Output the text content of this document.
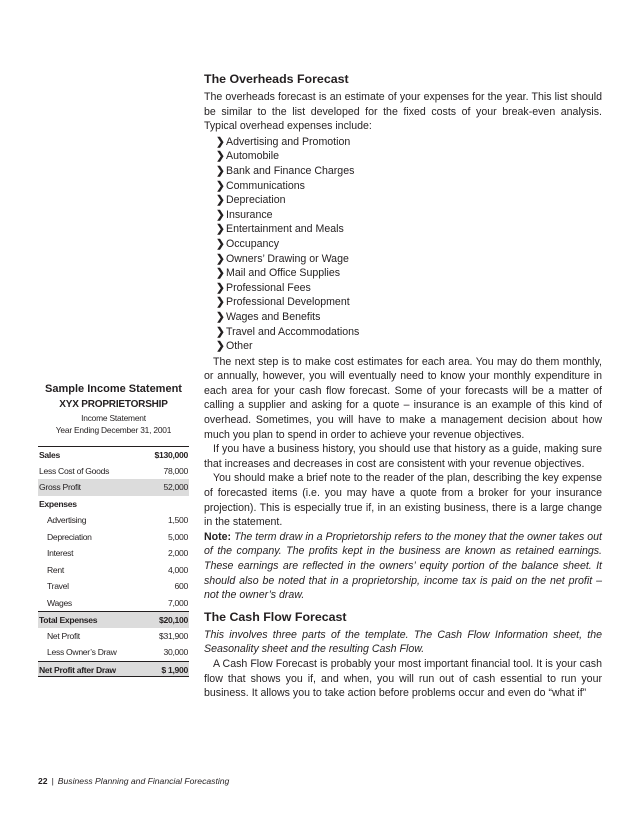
The Overheads Forecast

The overheads forecast is an estimate of your expenses for the year. This list should be similar to the list developed for the fixed costs of your break-even analysis. Typical overhead expenses include:

❯Advertising and Promotion
❯Automobile
❯Bank and Finance Charges
❯Communications
❯Depreciation
❯Insurance
❯Entertainment and Meals
❯Occupancy
❯Owners’ Drawing or Wage
❯Mail and Office Supplies
❯Professional Fees
❯Professional Development
❯Wages and Benefits
❯Travel and Accommodations
❯Other

The next step is to make cost estimates for each area. You may do them monthly, or annually, however, you will eventually need to know your monthly expenditure in each area for your cash flow forecast. Some of your forecasts will be a matter of calling a supplier and asking for a quote – insurance is an example of this kind of overhead. Sometimes, you will have to make a management decision about how much you plan to spend in order to achieve your revenue objectives.

If you have a business history, you should use that history as a guide, making sure that increases and decreases in cost are consistent with your revenue objectives.

You should make a brief note to the reader of the plan, describing the key expense of forecasted items (i.e. you may have a quote from a broker for your insurance projection). This is especially true if, in an existing business, there is a large change in the statement.

Note: The term draw in a Proprietorship refers to the money that the owner takes out of the company. The profits kept in the business are known as retained earnings. These earnings are reflected in the owners’ equity portion of the balance sheet. It should also be noted that in a proprietorship, income tax is paid on the net profit – not the owner’s draw.

The Cash Flow Forecast

This involves three parts of the template. The Cash Flow Information sheet, the Seasonality sheet and the resulting Cash Flow.

A Cash Flow Forecast is probably your most important financial tool. It is your cash flow that shows you if, and when, you will run out of cash essential to run your business. It allows you to take action before problems occur and even do “what if”

Sample Income Statement
XYX PROPRIETORSHIP
Income Statement
Year Ending December 31, 2001
Sales	$130,000
Less Cost of Goods	78,000
Gross Profit	52,000
Expenses
Advertising	1,500
Depreciation	5,000
Interest	2,000
Rent	4,000
Travel	600
Wages	7,000
Total Expenses	$20,100
Net Profit	$31,900
Less Owner’s Draw	30,000
Net Profit after Draw	$ 1,900
22 | Business Planning and Financial Forecasting
